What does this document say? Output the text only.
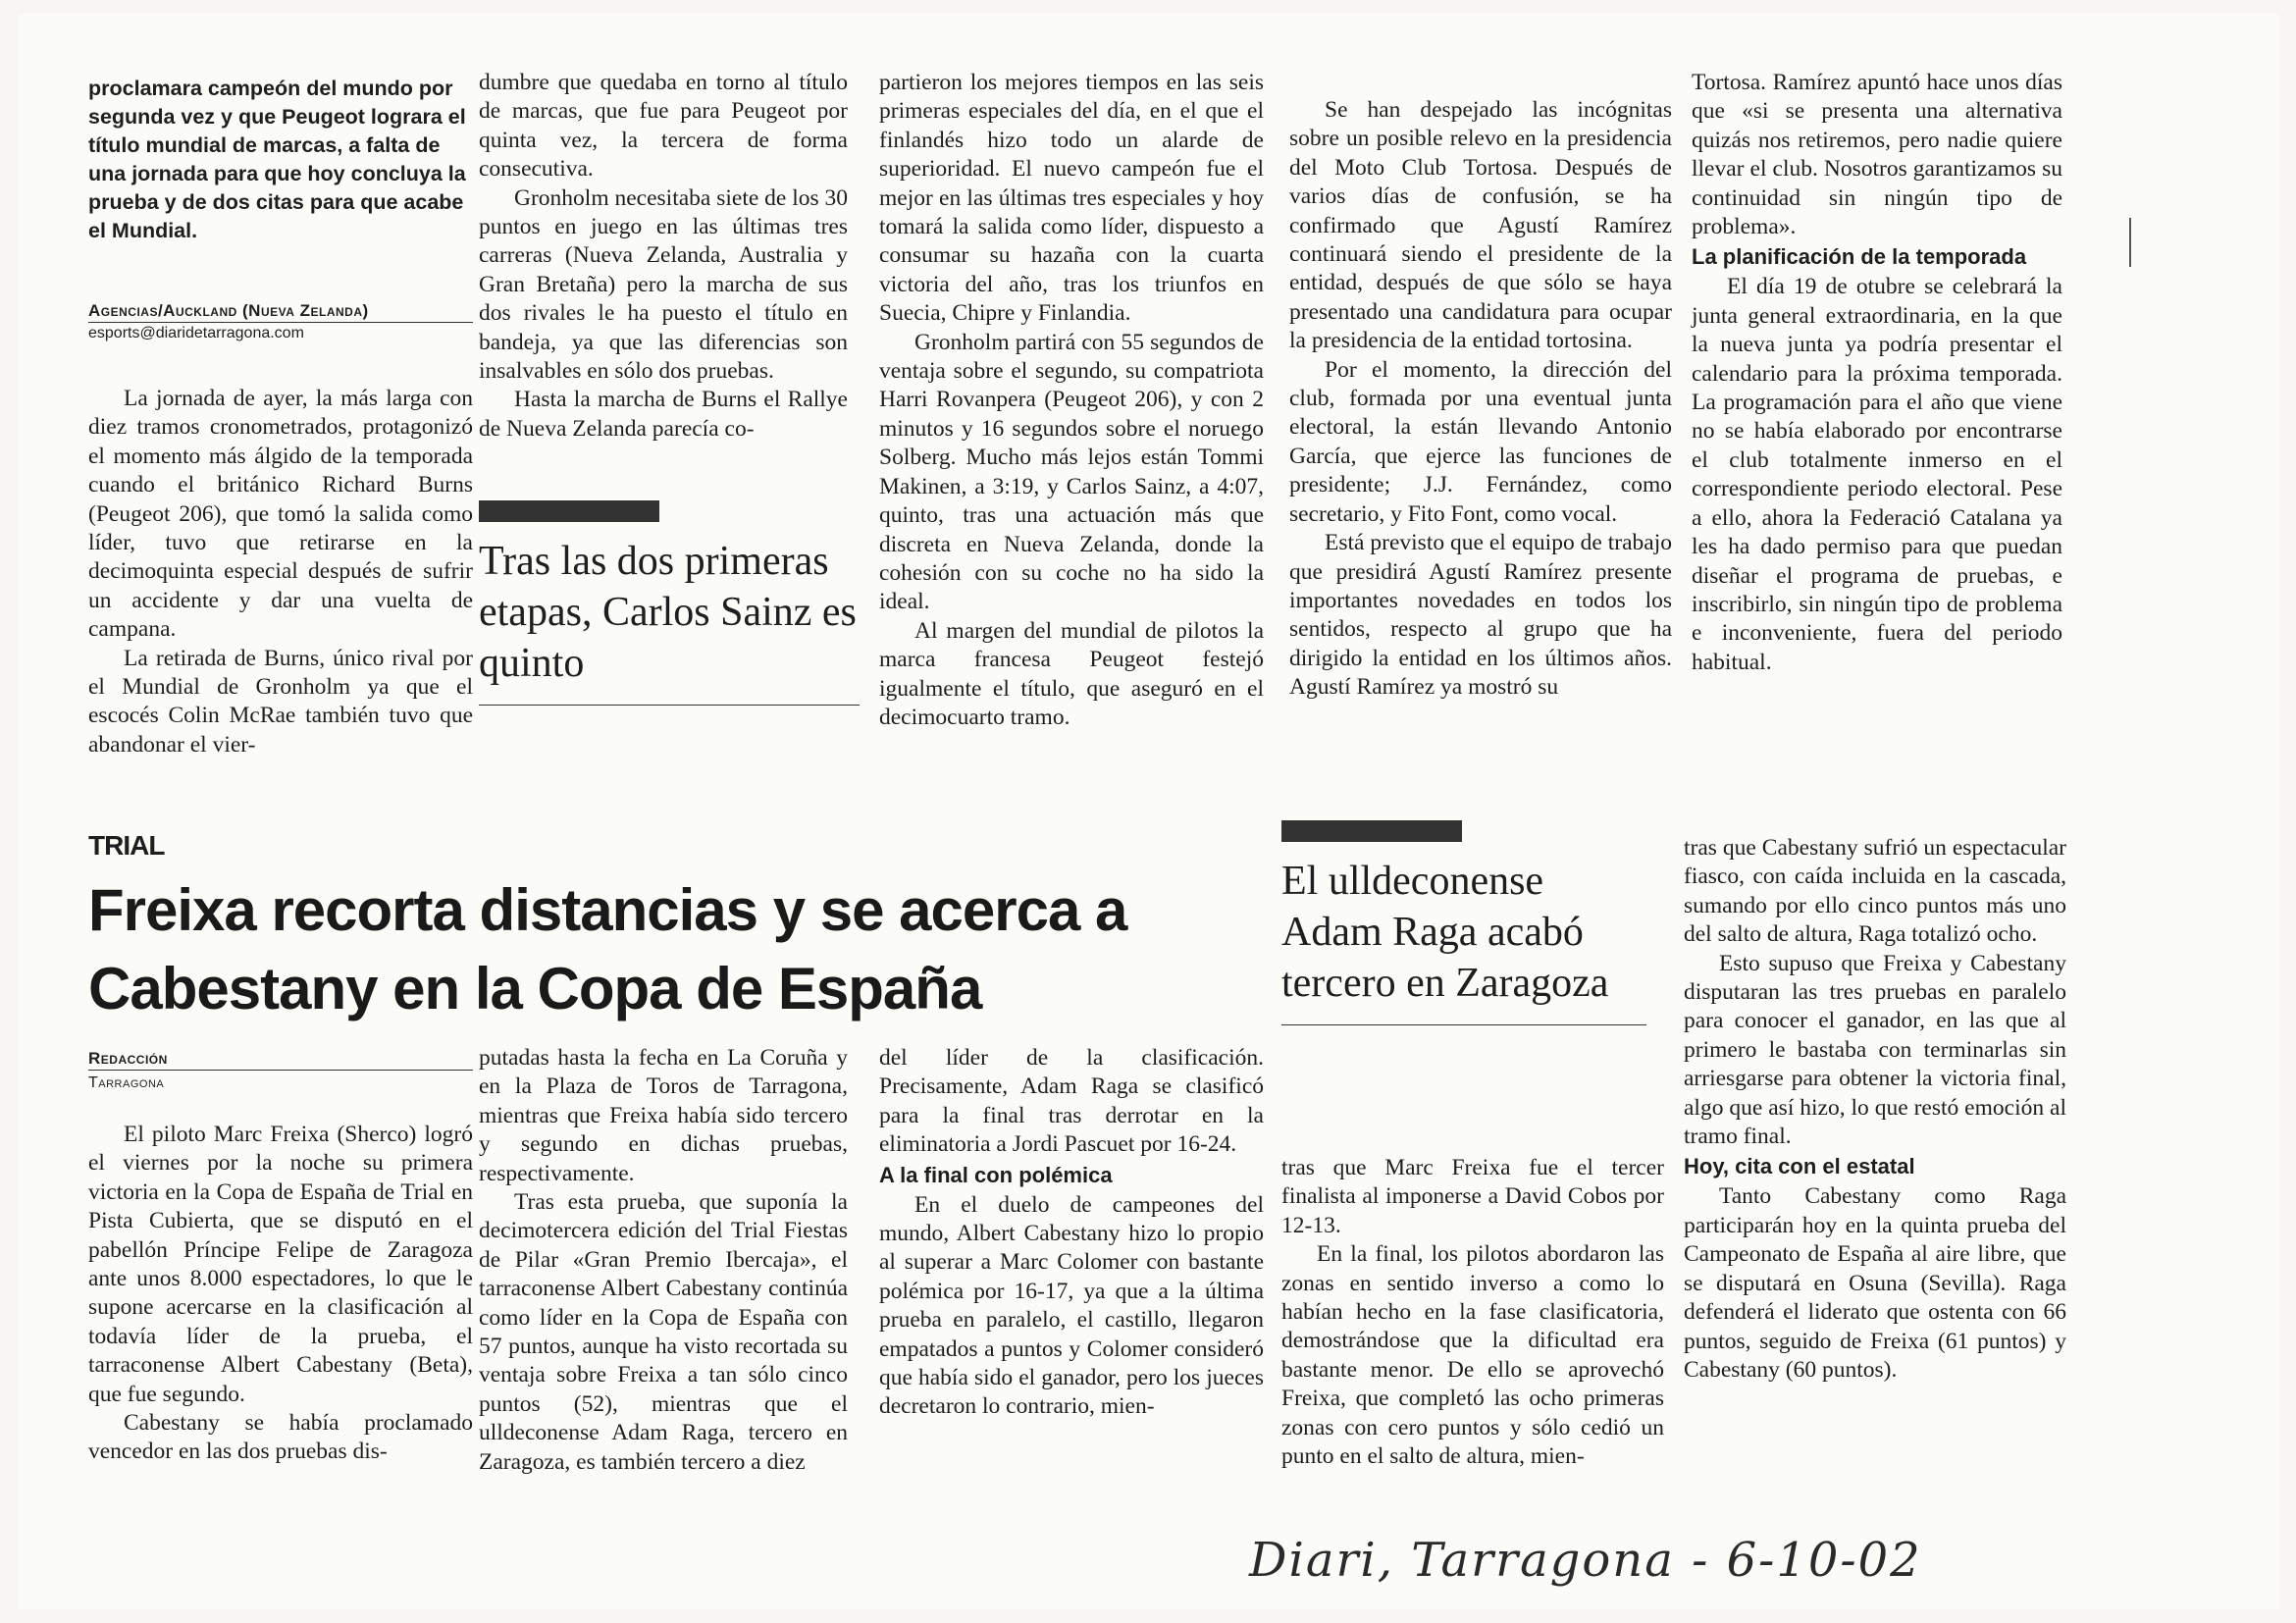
proclamara campeón del mundo por segunda vez y que Peugeot lograra el título mundial de marcas, a falta de una jornada para que hoy concluya la prueba y de dos citas para que acabe el Mundial.
Agencias/Auckland (Nueva Zelanda)
esports@diaridetarragona.com

La jornada de ayer, la más larga con diez tramos cronometrados, protagonizó el momento más álgido de la temporada cuando el británico Richard Burns (Peugeot 206), que tomó la salida como líder, tuvo que retirarse en la decimoquinta especial después de sufrir un accidente y dar una vuelta de campana.

La retirada de Burns, único rival por el Mundial de Gronholm ya que el escocés Colin McRae también tuvo que abandonar el vier-

dumbre que quedaba en torno al título de marcas, que fue para Peugeot por quinta vez, la tercera de forma consecutiva.

Gronholm necesitaba siete de los 30 puntos en juego en las últimas tres carreras (Nueva Zelanda, Australia y Gran Bretaña) pero la marcha de sus dos rivales le ha puesto el título en bandeja, ya que las diferencias son insalvables en sólo dos pruebas.

Hasta la marcha de Burns el Rallye de Nueva Zelanda parecía co-

Tras las dos primeras etapas, Carlos Sainz es quinto

partieron los mejores tiempos en las seis primeras especiales del día, en el que el finlandés hizo todo un alarde de superioridad. El nuevo campeón fue el mejor en las últimas tres especiales y hoy tomará la salida como líder, dispuesto a consumar su hazaña con la cuarta victoria del año, tras los triunfos en Suecia, Chipre y Finlandia.

Gronholm partirá con 55 segundos de ventaja sobre el segundo, su compatriota Harri Rovanpera (Peugeot 206), y con 2 minutos y 16 segundos sobre el noruego Solberg. Mucho más lejos están Tommi Makinen, a 3:19, y Carlos Sainz, a 4:07, quinto, tras una actuación más que discreta en Nueva Zelanda, donde la cohesión con su coche no ha sido la ideal.

Al margen del mundial de pilotos la marca francesa Peugeot festejó igualmente el título, que aseguró en el decimocuarto tramo.

Se han despejado las incógnitas sobre un posible relevo en la presidencia del Moto Club Tortosa. Después de varios días de confusión, se ha confirmado que Agustí Ramírez continuará siendo el presidente de la entidad, después de que sólo se haya presentado una candidatura para ocupar la presidencia de la entidad tortosina.

Por el momento, la dirección del club, formada por una eventual junta electoral, la están llevando Antonio García, que ejerce las funciones de presidente; J.J. Fernández, como secretario, y Fito Font, como vocal.

Está previsto que el equipo de trabajo que presidirá Agustí Ramírez presente importantes novedades en todos los sentidos, respecto al grupo que ha dirigido la entidad en los últimos años. Agustí Ramírez ya mostró su

Tortosa. Ramírez apuntó hace unos días que «si se presenta una alternativa quizás nos retiremos, pero nadie quiere llevar el club. Nosotros garantizamos su continuidad sin ningún tipo de problema».

La planificación de la temporada

El día 19 de otubre se celebrará la junta general extraordinaria, en la que la nueva junta ya podría presentar el calendario para la próxima temporada. La programación para el año que viene no se había elaborado por encontrarse el club totalmente inmerso en el correspondiente periodo electoral. Pese a ello, ahora la Federació Catalana ya les ha dado permiso para que puedan diseñar el programa de pruebas, e inscribirlo, sin ningún tipo de problema e inconveniente, fuera del periodo habitual.

TRIAL
Freixa recorta distancias y se acerca a Cabestany en la Copa de España
Redacción
Tarragona

El piloto Marc Freixa (Sherco) logró el viernes por la noche su primera victoria en la Copa de España de Trial en Pista Cubierta, que se disputó en el pabellón Príncipe Felipe de Zaragoza ante unos 8.000 espectadores, lo que le supone acercarse en la clasificación al todavía líder de la prueba, el tarraconense Albert Cabestany (Beta), que fue segundo.

Cabestany se había proclamado vencedor en las dos pruebas dis-

putadas hasta la fecha en La Coruña y en la Plaza de Toros de Tarragona, mientras que Freixa había sido tercero y segundo en dichas pruebas, respectivamente.

Tras esta prueba, que suponía la decimotercera edición del Trial Fiestas de Pilar «Gran Premio Ibercaja», el tarraconense Albert Cabestany continúa como líder en la Copa de España con 57 puntos, aunque ha visto recortada su ventaja sobre Freixa a tan sólo cinco puntos (52), mientras que el ulldeconense Adam Raga, tercero en Zaragoza, es también tercero a diez

del líder de la clasificación. Precisamente, Adam Raga se clasificó para la final tras derrotar en la eliminatoria a Jordi Pascuet por 16-24.

A la final con polémica

En el duelo de campeones del mundo, Albert Cabestany hizo lo propio al superar a Marc Colomer con bastante polémica por 16-17, ya que a la última prueba en paralelo, el castillo, llegaron empatados a puntos y Colomer consideró que había sido el ganador, pero los jueces decretaron lo contrario, mien-

El ulldeconense Adam Raga acabó tercero en Zaragoza

tras que Marc Freixa fue el tercer finalista al imponerse a David Cobos por 12-13.

En la final, los pilotos abordaron las zonas en sentido inverso a como lo habían hecho en la fase clasificatoria, demostrándose que la dificultad era bastante menor. De ello se aprovechó Freixa, que completó las ocho primeras zonas con cero puntos y sólo cedió un punto en el salto de altura, mien-

tras que Cabestany sufrió un espectacular fiasco, con caída incluida en la cascada, sumando por ello cinco puntos más uno del salto de altura, Raga totalizó ocho.

Esto supuso que Freixa y Cabestany disputaran las tres pruebas en paralelo para conocer el ganador, en las que al primero le bastaba con terminarlas sin arriesgarse para obtener la victoria final, algo que así hizo, lo que restó emoción al tramo final.

Hoy, cita con el estatal

Tanto Cabestany como Raga participarán hoy en la quinta prueba del Campeonato de España al aire libre, que se disputará en Osuna (Sevilla). Raga defenderá el liderato que ostenta con 66 puntos, seguido de Freixa (61 puntos) y Cabestany (60 puntos).

Diari, Tarragona - 6-10-02
